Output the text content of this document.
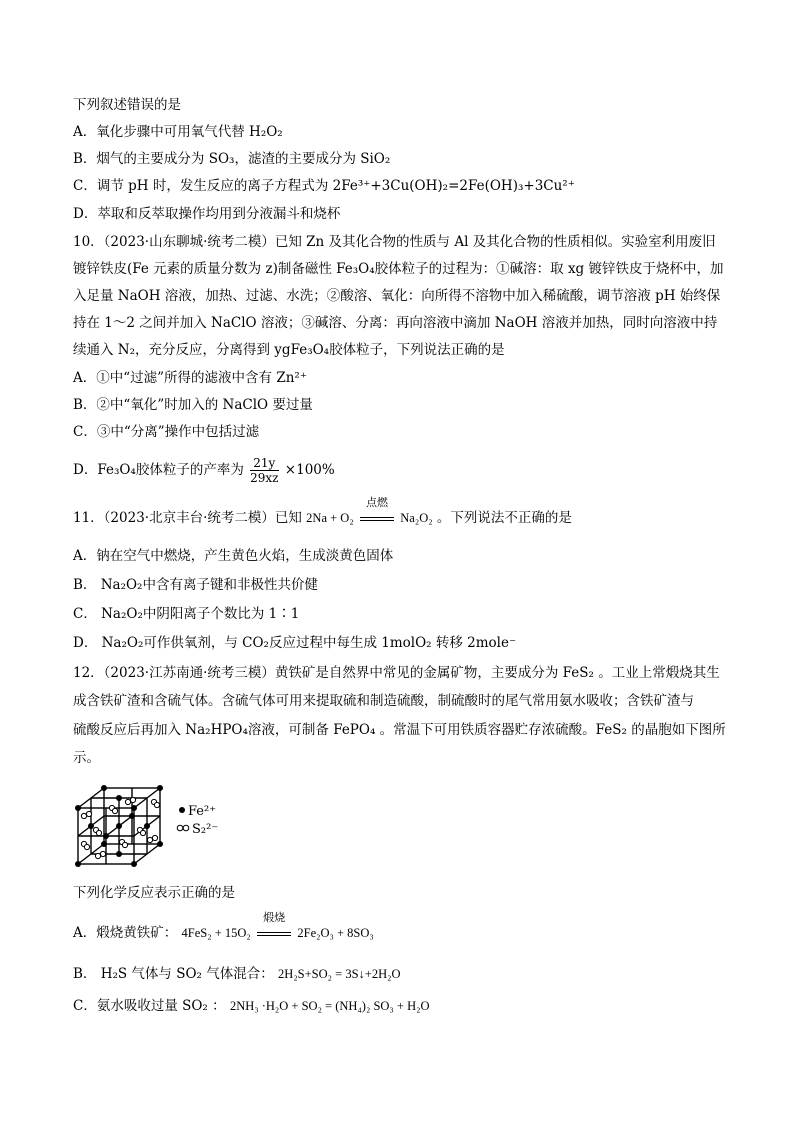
下列叙述错误的是
A．氧化步骤中可用氧气代替 H₂O₂
B．烟气的主要成分为 SO₃，滤渣的主要成分为 SiO₂
C．调节 pH 时，发生反应的离子方程式为 2Fe³⁺+3Cu(OH)₂=2Fe(OH)₃+3Cu²⁺
D．萃取和反萃取操作均用到分液漏斗和烧杯
10．（2023·山东聊城·统考二模）已知 Zn 及其化合物的性质与 Al 及其化合物的性质相似。实验室利用废旧
镀锌铁皮(Fe 元素的质量分数为 z)制备磁性 Fe₃O₄胶体粒子的过程为：①碱溶：取 xg 镀锌铁皮于烧杯中，加
入足量 NaOH 溶液，加热、过滤、水洗；②酸溶、氧化：向所得不溶物中加入稀硫酸，调节溶液 pH 始终保
持在 1～2 之间并加入 NaClO 溶液；③碱溶、分离：再向溶液中滴加 NaOH 溶液并加热，同时向溶液中持
续通入 N₂，充分反应，分离得到 ygFe₃O₄胶体粒子，下列说法正确的是
A．①中“过滤”所得的滤液中含有 Zn²⁺
B．②中“氧化”时加入的 NaClO 要过量
C．③中“分离”操作中包括过滤
D．Fe₃O₄胶体粒子的产率为 $\frac{21y}{29xz} \times 100\%$
11．（2023·北京丰台·统考二模）已知 2Na + O₂
点燃
Na₂O₂ 。下列说法不正确的是
A．钠在空气中燃烧，产生黄色火焰，生成淡黄色固体
B． Na₂O₂中含有离子键和非极性共价健
C． Na₂O₂中阴阳离子个数比为 1∶1
D． Na₂O₂可作供氧剂，与 CO₂反应过程中每生成 1molO₂ 转移 2mole⁻
12．（2023·江苏南通·统考三模）黄铁矿是自然界中常见的金属矿物，主要成分为 FeS₂ 。工业上常煅烧其生
成含铁矿渣和含硫气体。含硫气体可用来提取硫和制造硫酸，制硫酸时的尾气常用氨水吸收；含铁矿渣与
硫酸反应后再加入 Na₂HPO₄溶液，可制备 FePO₄ 。常温下可用铁质容器贮存浓硫酸。FeS₂ 的晶胞如下图所
示。
Fe²⁺
S₂²⁻
下列化学反应表示正确的是
A．煅烧黄铁矿： 4FeS₂ + 15O₂
煅烧
2Fe₂O₃ + 8SO₃
B． H₂S 气体与 SO₂ 气体混合： 2H₂S+SO₂ = 3S↓+2H₂O
C．氨水吸收过量 SO₂ ： 2NH₃ ·H₂O + SO₂ = (NH₄)₂ SO₃ + H₂O
